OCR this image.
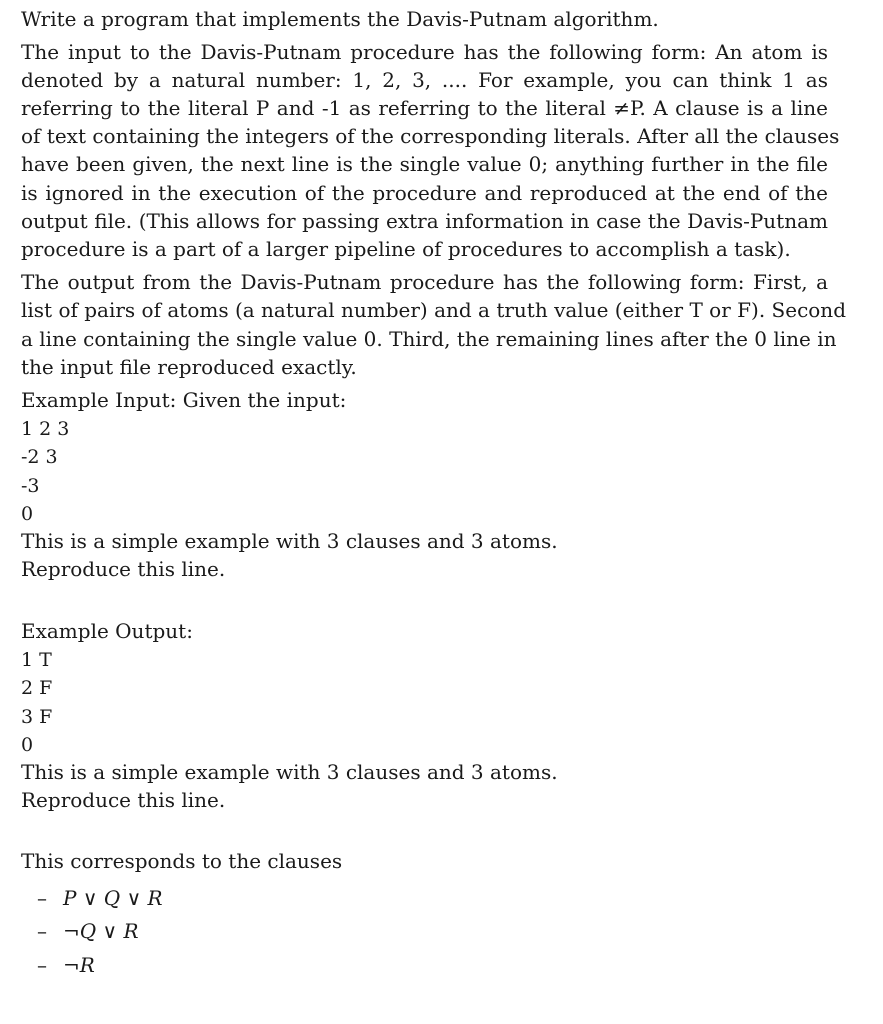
Write a program that implements the Davis-Putnam algorithm.
The input to the Davis-Putnam procedure has the following form: An atom is
denoted by a natural number: 1, 2, 3, .... For example, you can think 1 as
referring to the literal P and -1 as referring to the literal ≠P. A clause is a line
of text containing the integers of the corresponding literals. After all the clauses
have been given, the next line is the single value 0; anything further in the file
is ignored in the execution of the procedure and reproduced at the end of the
output file. (This allows for passing extra information in case the Davis-Putnam
procedure is a part of a larger pipeline of procedures to accomplish a task).
The output from the Davis-Putnam procedure has the following form: First, a
list of pairs of atoms (a natural number) and a truth value (either T or F). Second
a line containing the single value 0. Third, the remaining lines after the 0 line in
the input file reproduced exactly.
Example Input: Given the input:
1 2 3
-2 3
-3
0
This is a simple example with 3 clauses and 3 atoms.
Reproduce this line.
Example Output:
1 T
2 F
3 F
0
This is a simple example with 3 clauses and 3 atoms.
Reproduce this line.
This corresponds to the clauses
– P ∨ Q ∨ R
– ¬Q ∨ R
– ¬R
